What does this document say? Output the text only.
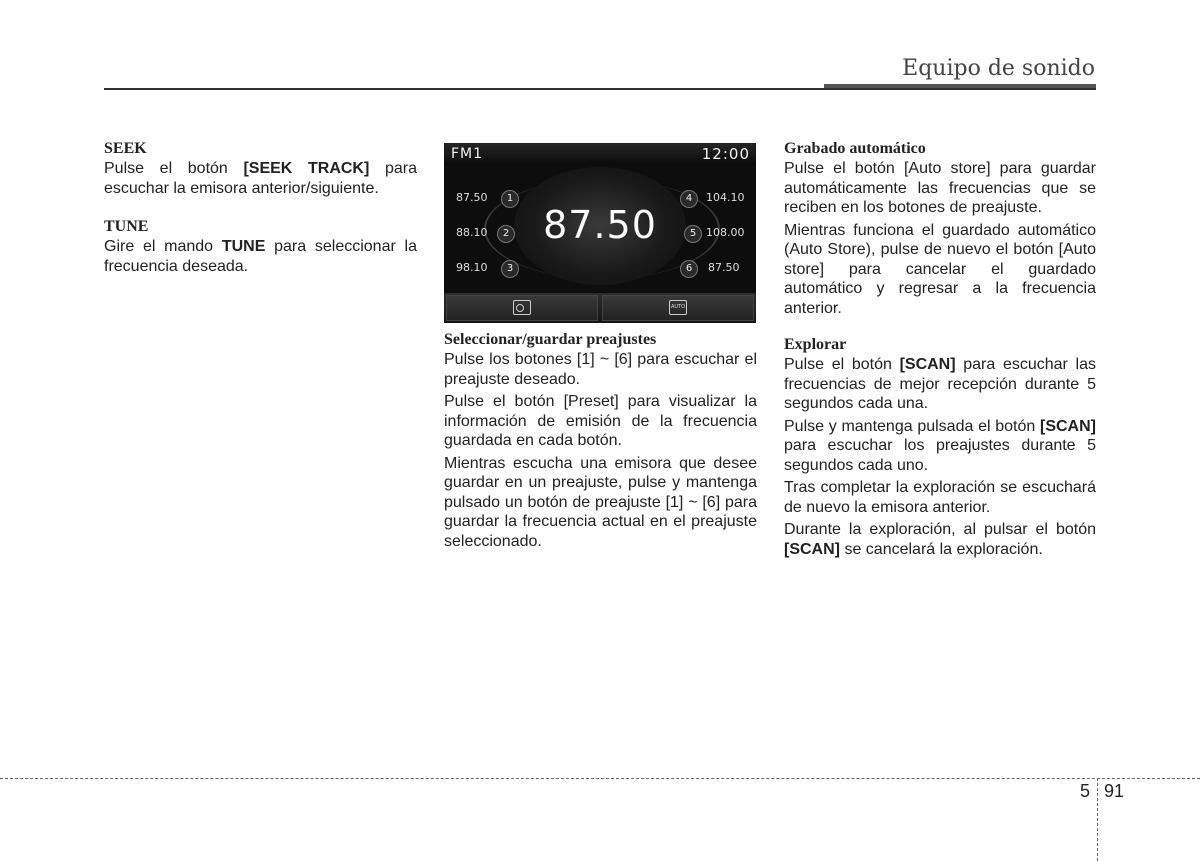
Equipo de sonido
SEEK

Pulse el botón [SEEK TRACK] para escuchar la emisora anterior/siguiente.

TUNE

Gire el mando TUNE para seleccionar la frecuencia deseada.

FM1	12:00
87.50
87.50	1
88.10	2
98.10	3
4	104.10
5 108.00
6	87.50
AUTO
Seleccionar/guardar preajustes

Pulse los botones [1] ~ [6] para escuchar el preajuste deseado.

Pulse el botón [Preset] para visualizar la información de emisión de la frecuencia guardada en cada botón.

Mientras escucha una emisora que desee guardar en un preajuste, pulse y mantenga pulsado un botón de preajuste [1] ~ [6] para guardar la frecuencia actual en el preajuste seleccionado.

Grabado automático

Pulse el botón [Auto store] para guardar automáticamente las frecuencias que se reciben en los botones de preajuste.

Mientras funciona el guardado automático (Auto Store), pulse de nuevo el botón [Auto store] para cancelar el guardado automático y regresar a la frecuencia anterior.

Explorar

Pulse el botón [SCAN] para escuchar las frecuencias de mejor recepción durante 5 segundos cada una.

Pulse y mantenga pulsada el botón [SCAN] para escuchar los preajustes durante 5 segundos cada uno.

Tras completar la exploración se escuchará de nuevo la emisora anterior.

Durante la exploración, al pulsar el botón [SCAN] se cancelará la exploración.

5 91
